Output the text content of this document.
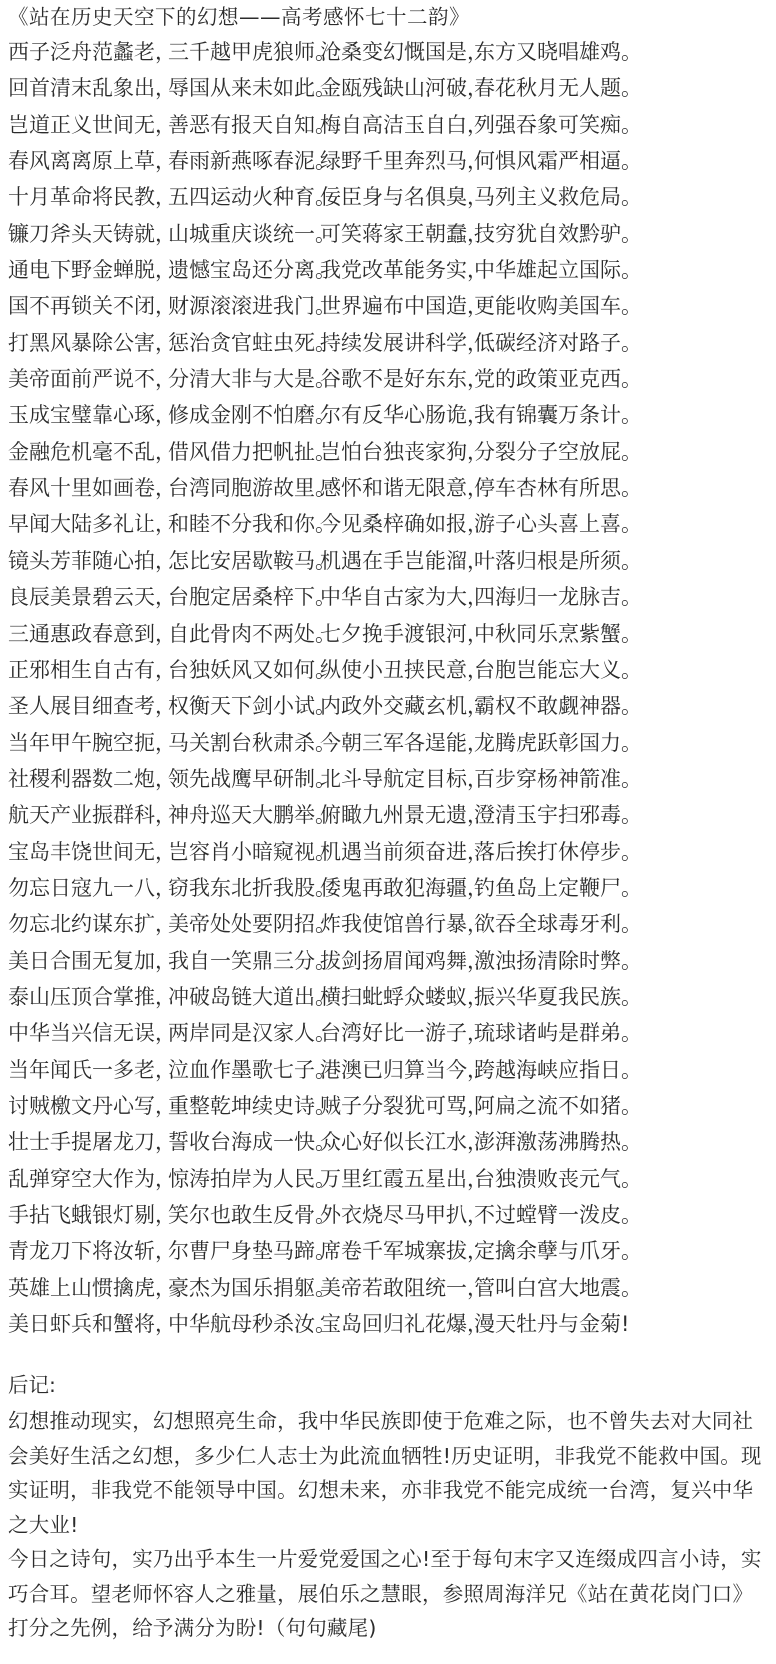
《站在历史天空下的幻想——高考感怀七十二韵》
西子泛舟范蠡老，
三千越甲虎狼师。
沧桑变幻慨国是，
东方又晓唱雄鸡。
回首清末乱象出，
辱国从来未如此。
金瓯残缺山河破，
春花秋月无人题。
岂道正义世间无，
善恶有报天自知。
梅自高洁玉自白，
列强吞象可笑痴。
春风离离原上草，
春雨新燕啄春泥。
绿野千里奔烈马，
何惧风霜严相逼。
十月革命将民教，
五四运动火种育。
佞臣身与名俱臭，
马列主义救危局。
镰刀斧头天铸就，
山城重庆谈统一。
可笑蒋家王朝蠢，
技穷犹自效黔驴。
通电下野金蝉脱，
遗憾宝岛还分离。
我党改革能务实，
中华雄起立国际。
国不再锁关不闭，
财源滚滚进我门。
世界遍布中国造，
更能收购美国车。
打黑风暴除公害，
惩治贪官蛀虫死。
持续发展讲科学，
低碳经济对路子。
美帝面前严说不，
分清大非与大是。
谷歌不是好东东，
党的政策亚克西。
玉成宝璧靠心琢，
修成金刚不怕磨。
尔有反华心肠诡，
我有锦囊万条计。
金融危机毫不乱，
借风借力把帆扯。
岂怕台独丧家狗，
分裂分子空放屁。
春风十里如画卷，
台湾同胞游故里。
感怀和谐无限意，
停车杏林有所思。
早闻大陆多礼让，
和睦不分我和你。
今见桑梓确如报，
游子心头喜上喜。
镜头芳菲随心拍，
怎比安居歇鞍马。
机遇在手岂能溜，
叶落归根是所须。
良辰美景碧云天，
台胞定居桑梓下。
中华自古家为大，
四海归一龙脉吉。
三通惠政春意到，
自此骨肉不两处。
七夕挽手渡银河，
中秋同乐烹紫蟹。
正邪相生自古有，
台独妖风又如何。
纵使小丑挟民意，
台胞岂能忘大义。
圣人展目细查考，
权衡天下剑小试。
内政外交藏玄机，
霸权不敢觑神器。
当年甲午腕空扼，
马关割台秋肃杀。
今朝三军各逞能，
龙腾虎跃彰国力。
社稷利器数二炮，
领先战鹰早研制。
北斗导航定目标，
百步穿杨神箭准。
航天产业振群科，
神舟巡天大鹏举。
俯瞰九州景无遗，
澄清玉宇扫邪毒。
宝岛丰饶世间无，
岂容肖小暗窥视。
机遇当前须奋进，
落后挨打休停步。
勿忘日寇九一八，
窃我东北折我股。
倭鬼再敢犯海疆，
钓鱼岛上定鞭尸。
勿忘北约谋东扩，
美帝处处要阴招。
炸我使馆兽行暴，
欲吞全球毒牙利。
美日合围无复加，
我自一笑鼎三分。
拔剑扬眉闻鸡舞，
激浊扬清除时弊。
泰山压顶合掌推，
冲破岛链大道出。
横扫蚍蜉众蝼蚁，
振兴华夏我民族。
中华当兴信无误，
两岸同是汉家人。
台湾好比一游子，
琉球诸屿是群弟。
当年闻氏一多老，
泣血作墨歌七子。
港澳已归算当今，
跨越海峡应指日。
讨贼檄文丹心写，
重整乾坤续史诗。
贼子分裂犹可骂，
阿扁之流不如猪。
壮士手提屠龙刀，
誓收台海成一快。
众心好似长江水，
澎湃激荡沸腾热。
乱弹穿空大作为，
惊涛拍岸为人民。
万里红霞五星出，
台独溃败丧元气。
手拈飞蛾银灯剔，
笑尔也敢生反骨。
外衣烧尽马甲扒，
不过螳臂一泼皮。
青龙刀下将汝斩，
尔曹尸身垫马蹄。
席卷千军城寨拔，
定擒余孽与爪牙。
英雄上山惯擒虎，
豪杰为国乐捐躯。
美帝若敢阻统一，
管叫白宫大地震。
美日虾兵和蟹将，
中华航母秒杀汝。
宝岛回归礼花爆，
漫天牡丹与金菊!
后记:

幻想推动现实，幻想照亮生命，我中华民族即使于危难之际，也不曾失去对大同社会美好生活之幻想，多少仁人志士为此流血牺牲!历史证明，非我党不能救中国。现实证明，非我党不能领导中国。幻想未来，亦非我党不能完成统一台湾，复兴中华之大业!

今日之诗句，实乃出乎本生一片爱党爱国之心!至于每句末字又连缀成四言小诗，实巧合耳。望老师怀容人之雅量，展伯乐之慧眼，参照周海洋兄《站在黄花岗门口》打分之先例，给予满分为盼!（句句藏尾)
